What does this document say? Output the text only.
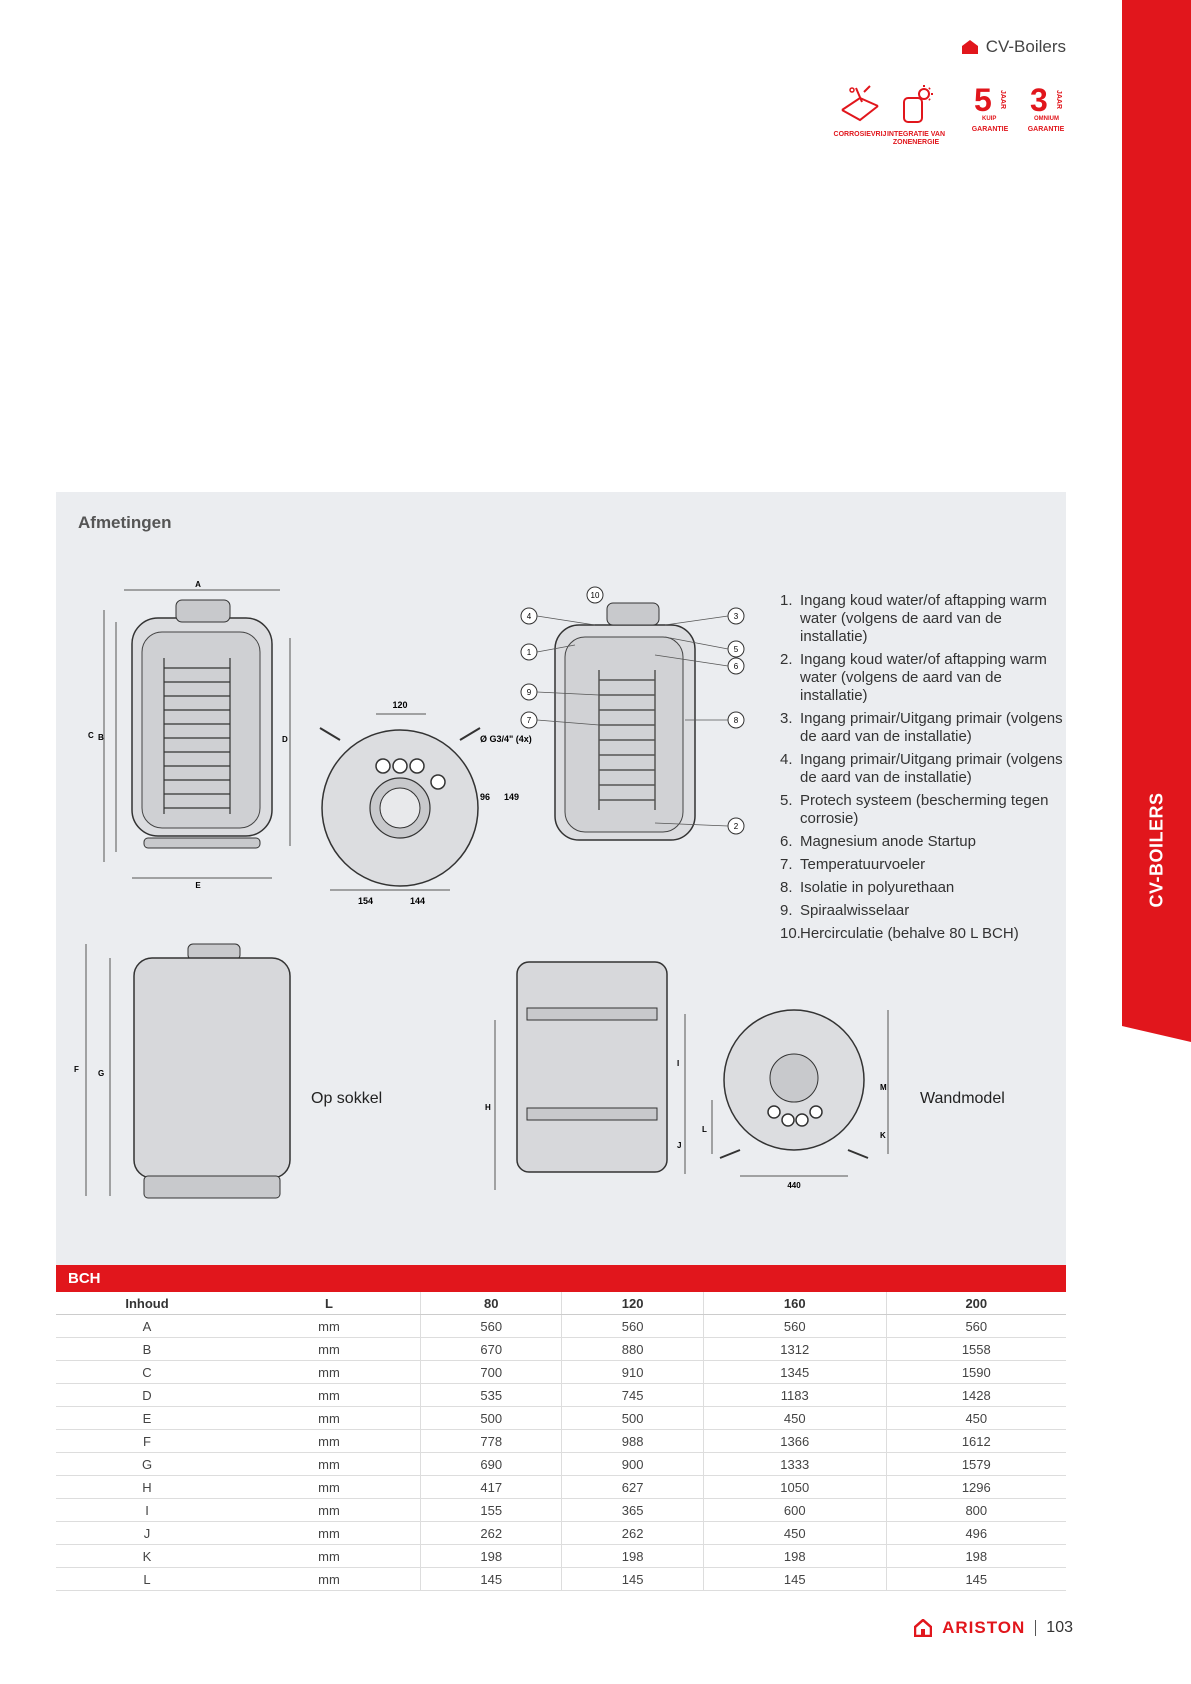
CV-Boilers
CORROSIEVRIJ INTEGRATIE VAN ZONENERGIE
5 JAAR
KUIP
GARANTIE
3 JAAR
OMNIUM
GARANTIE
CV-BOILERS
Afmetingen
A
C B	D
E
120
Ø G3/4" (4x)
96 149
154	144
10
4	3
1	5
6
9
7	8
2
1. Ingang koud water/of aftapping warm water (volgens de aard van de installatie)
2. Ingang koud water/of aftapping warm water (volgens de aard van de installatie)
3. Ingang primair/Uitgang primair (volgens de aard van de installatie)
4. Ingang primair/Uitgang primair (volgens de aard van de installatie)
5. Protech systeem (bescherming tegen corrosie)
6. Magnesium anode Startup
7. Temperatuurvoeler
8. Isolatie in polyurethaan
9. Spiraalwisselaar
10. Hercirculatie (behalve 80 L BCH)
F G
Op sokkel
H
I
J
M
K
L
440
Wandmodel
BCH
Inhoud	L	80	120	160	200
A	mm	560	560	560	560
B	mm	670	880	1312	1558
C	mm	700	910	1345	1590
D	mm	535	745	1183	1428
E	mm	500	500	450	450
F	mm	778	988	1366	1612
G	mm	690	900	1333	1579
H	mm	417	627	1050	1296
I	mm	155	365	600	800
J	mm	262	262	450	496
K	mm	198	198	198	198
L	mm	145	145	145	145
ARISTON 103
